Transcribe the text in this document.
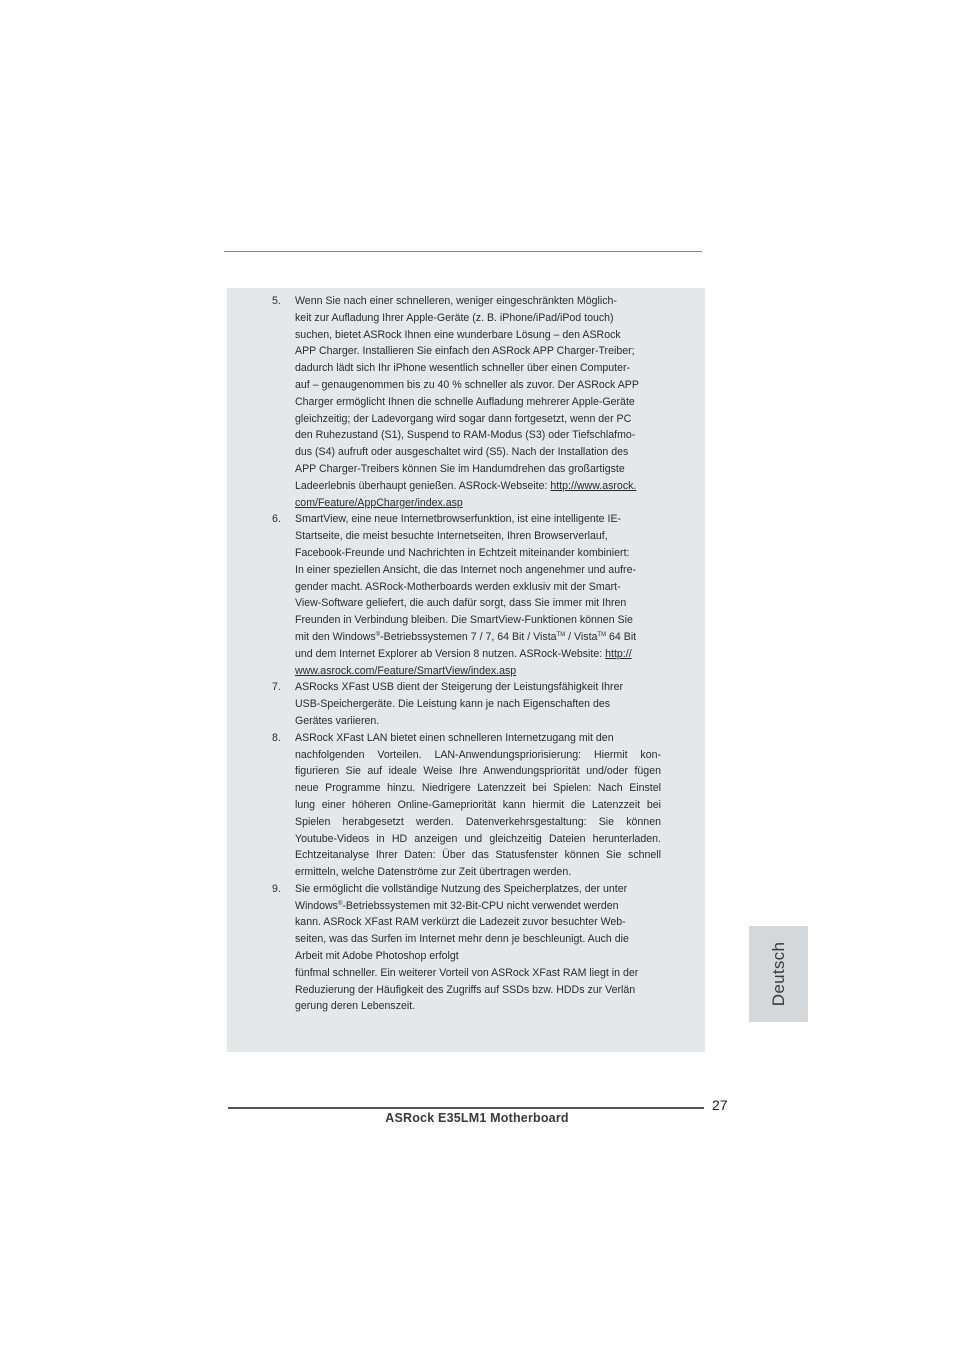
5. Wenn Sie nach einer schnelleren, weniger eingeschränkten Möglich-
keit zur Aufladung Ihrer Apple-Geräte (z. B. iPhone/iPad/iPod touch)
suchen, bietet ASRock Ihnen eine wunderbare Lösung – den ASRock
APP Charger. Installieren Sie einfach den ASRock APP Charger-Treiber;
dadurch lädt sich Ihr iPhone wesentlich schneller über einen Computer-
auf – genaugenommen bis zu 40 % schneller als zuvor. Der ASRock APP
Charger ermöglicht Ihnen die schnelle Aufladung mehrerer Apple-Geräte
gleichzeitig; der Ladevorgang wird sogar dann fortgesetzt, wenn der PC
den Ruhezustand (S1), Suspend to RAM-Modus (S3) oder Tiefschlafmo-
dus (S4) aufruft oder ausgeschaltet wird (S5). Nach der Installation des
APP Charger-Treibers können Sie im Handumdrehen das großartigste
Ladeerlebnis überhaupt genießen. ASRock-Webseite: http://www.asrock.
com/Feature/AppCharger/index.asp
6. SmartView, eine neue Internetbrowserfunktion, ist eine intelligente IE-
Startseite, die meist besuchte Internetseiten, Ihren Browserverlauf,
Facebook-Freunde und Nachrichten in Echtzeit miteinander kombiniert:
In einer speziellen Ansicht, die das Internet noch angenehmer und aufre-
gender macht. ASRock-Motherboards werden exklusiv mit der Smart-
View-Software geliefert, die auch dafür sorgt, dass Sie immer mit Ihren
Freunden in Verbindung bleiben. Die SmartView-Funktionen können Sie
mit den Windows®-Betriebssystemen 7 / 7, 64 Bit / Vista™ / Vista™ 64 Bit
und dem Internet Explorer ab Version 8 nutzen. ASRock-Website: http://
www.asrock.com/Feature/SmartView/index.asp
7. ASRocks XFast USB dient der Steigerung der Leistungsfähigkeit Ihrer
USB-Speichergeräte. Die Leistung kann je nach Eigenschaften des
Gerätes variieren.
8. ASRock XFast LAN bietet einen schnelleren Internetzugang mit den
nachfolgenden Vorteilen. LAN-Anwendungspriorisierung: Hiermit kon-
figurieren Sie auf ideale Weise Ihre Anwendungspriorität und/oder fügen
neue Programme hinzu. Niedrigere Latenzzeit bei Spielen: Nach Einstel
lung einer höheren Online-Gamepriorität kann hiermit die Latenzzeit bei
Spielen herabgesetzt werden. Datenverkehrsgestaltung: Sie können
Youtube-Videos in HD anzeigen und gleichzeitig Dateien herunterladen.
Echtzeitanalyse Ihrer Daten: Über das Statusfenster können Sie schnell
ermitteln, welche Datenströme zur Zeit übertragen werden.
9. Sie ermöglicht die vollständige Nutzung des Speicherplatzes, der unter
Windows®-Betriebssystemen mit 32-Bit-CPU nicht verwendet werden
kann. ASRock XFast RAM verkürzt die Ladezeit zuvor besuchter Web-
seiten, was das Surfen im Internet mehr denn je beschleunigt. Auch die
Arbeit mit Adobe Photoshop erfolgt
fünfmal schneller. Ein weiterer Vorteil von ASRock XFast RAM liegt in der
Reduzierung der Häufigkeit des Zugriffs auf SSDs bzw. HDDs zur Verlän
gerung deren Lebenszeit.
Deutsch
27
ASRock E35LM1 Motherboard
